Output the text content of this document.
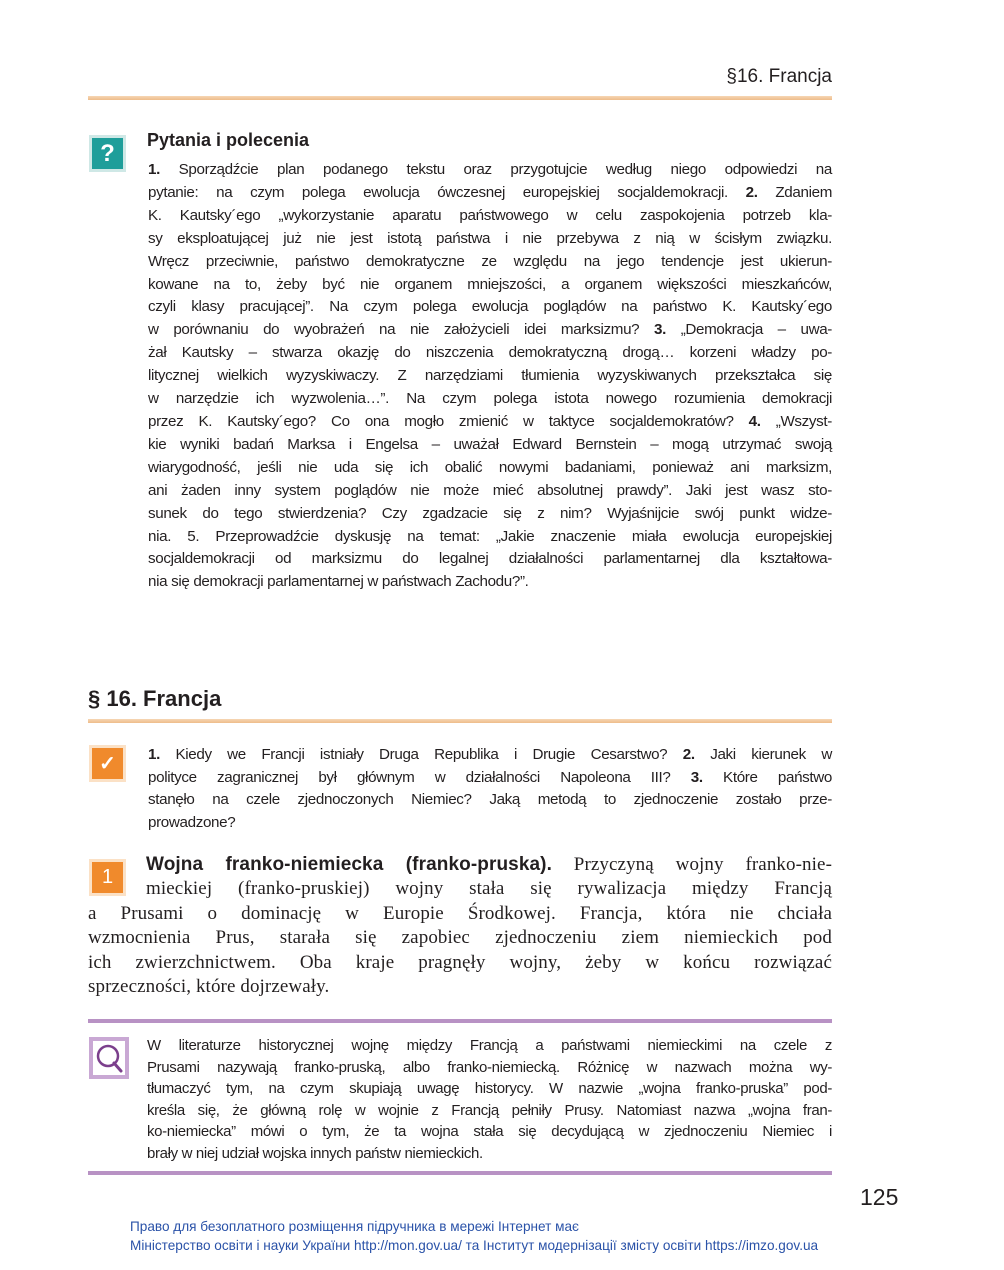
§16. Francja
?	Pytania i polecenia
1. Sporządźcie plan podanego tekstu oraz przygotujcie według niego odpowiedzi na
pytanie: na czym polega ewolucja ówczesnej europejskiej socjaldemokracji. 2. Zdaniem
K. Kautsky´ego „wykorzystanie aparatu państwowego w celu zaspokojenia potrzeb kla-
sy eksploatującej już nie jest istotą państwa i nie przebywa z nią w ścisłym związku.
Wręcz przeciwnie, państwo demokratyczne ze względu na jego tendencje jest ukierun-
kowane na to, żeby być nie organem mniejszości, a organem większości mieszkańców,
czyli klasy pracującej”. Na czym polega ewolucja poglądów na państwo K. Kautsky´ego
w porównaniu do wyobrażeń na nie założycieli idei marksizmu? 3. „Demokracja – uwa-
żał Kautsky – stwarza okazję do niszczenia demokratyczną drogą… korzeni władzy po-
litycznej wielkich wyzyskiwaczy. Z narzędziami tłumienia wyzyskiwanych przekształca się
w narzędzie ich wyzwolenia…”. Na czym polega istota nowego rozumienia demokracji
przez K. Kautsky´ego? Co ona mogło zmienić w taktyce socjaldemokratów? 4. „Wszyst-
kie wyniki badań Marksa i Engelsa – uważał Edward Bernstein – mogą utrzymać swoją
wiarygodność, jeśli nie uda się ich obalić nowymi badaniami, ponieważ ani marksizm,
ani żaden inny system poglądów nie może mieć absolutnej prawdy”. Jaki jest wasz sto-
sunek do tego stwierdzenia? Czy zgadzacie się z nim? Wyjaśnijcie swój punkt widze-
nia. 5. Przeprowadźcie dyskusję na temat: „Jakie znaczenie miała ewolucja europejskiej
socjaldemokracji od marksizmu do legalnej działalności parlamentarnej dla kształtowa-
nia się demokracji parlamentarnej w państwach Zachodu?”.
§ 16. Francja
✓	1. Kiedy we Francji istniały Druga Republika i Drugie Cesarstwo? 2. Jaki kierunek w
polityce zagranicznej był głównym w działalności Napoleona III? 3. Które państwo
stanęło na czele zjednoczonych Niemiec? Jaką metodą to zjednoczenie zostało prze-
prowadzone?
1
Wojna franko-niemiecka (franko-pruska). Przyczyną wojny franko-nie-
mieckiej (franko-pruskiej) wojny stała się rywalizacja między Francją
a Prusami o dominację w Europie Środkowej. Francja, która nie chciała
wzmocnienia Prus, starała się zapobiec zjednoczeniu ziem niemieckich pod
ich zwierzchnictwem. Oba kraje pragnęły wojny, żeby w końcu rozwiązać
sprzeczności, które dojrzewały.
W literaturze historycznej wojnę między Francją a państwami niemieckimi na czele z
Prusami nazywają franko-pruską, albo franko-niemiecką. Różnicę w nazwach można wy-
tłumaczyć tym, na czym skupiają uwagę historycy. W nazwie „wojna franko-pruska” pod-
kreśla się, że główną rolę w wojnie z Francją pełniły Prusy. Natomiast nazwa „wojna fran-
ko-niemiecka” mówi o tym, że ta wojna stała się decydującą w zjednoczeniu Niemiec i
brały w niej udział wojska innych państw niemieckich.
125
Право для безоплатного розміщення підручника в мережі Інтернет має
Міністерство освіти і науки України http://mon.gov.ua/ та Інститут модернізації змісту освіти https://imzo.gov.ua
